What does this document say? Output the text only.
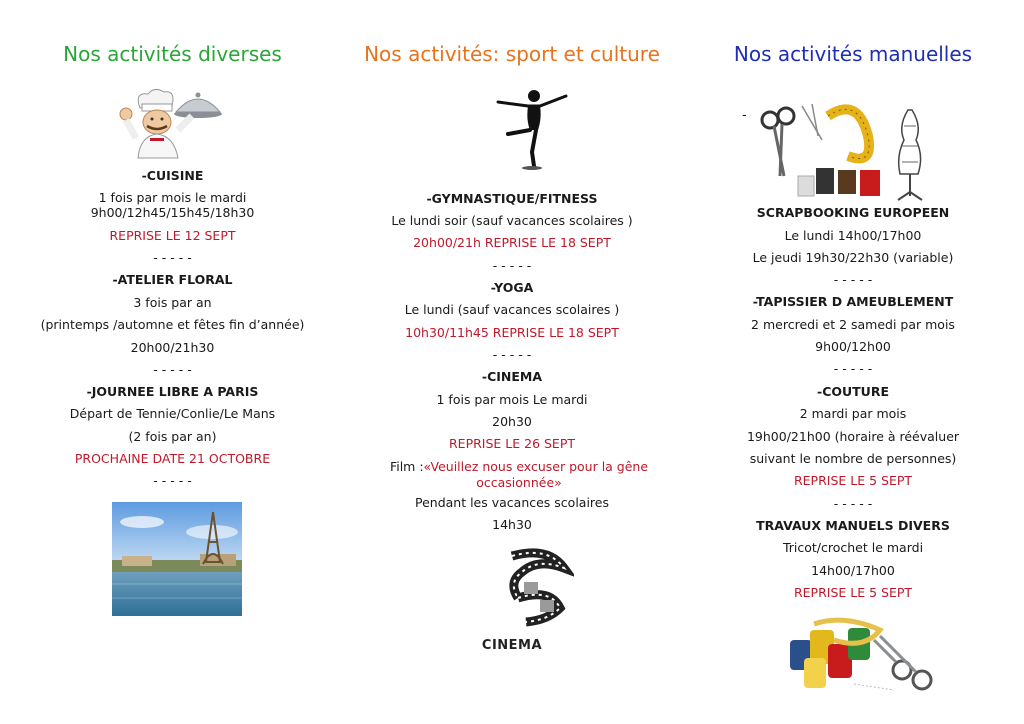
Nos activités diverses
-CUISINE
1 fois par mois le mardi
9h00/12h45/15h45/18h30
REPRISE LE 12 SEPT
- - - - -
-ATELIER FLORAL
3 fois par an
(printemps /automne et fêtes fin d’année)
20h00/21h30
- - - - -
-JOURNEE LIBRE A PARIS
Départ de Tennie/Conlie/Le Mans
(2 fois par an)
PROCHAINE DATE 21 OCTOBRE
- - - - -
Nos activités: sport et culture
-GYMNASTIQUE/FITNESS
Le lundi soir (sauf vacances scolaires )
20h00/21h REPRISE LE 18 SEPT
- - - - -
-YOGA
Le lundi (sauf vacances scolaires )
10h30/11h45 REPRISE LE 18 SEPT
- - - - -
-CINEMA
1 fois par mois Le mardi
20h30
REPRISE LE 26 SEPT
Film :«Veuillez nous excuser pour la gêne occasionnée»
Pendant les vacances scolaires
14h30
CINEMA
Nos activités manuelles
-
SCRAPBOOKING EUROPEEN
Le lundi 14h00/17h00
Le jeudi 19h30/22h30 (variable)
- - - - -
-TAPISSIER D AMEUBLEMENT
2 mercredi et 2 samedi par mois
9h00/12h00
- - - - -
-COUTURE
2 mardi par mois
19h00/21h00 (horaire à réévaluer
suivant le nombre de personnes)
REPRISE LE 5 SEPT
- - - - -
TRAVAUX MANUELS DIVERS
Tricot/crochet le mardi
14h00/17h00
REPRISE LE 5 SEPT
